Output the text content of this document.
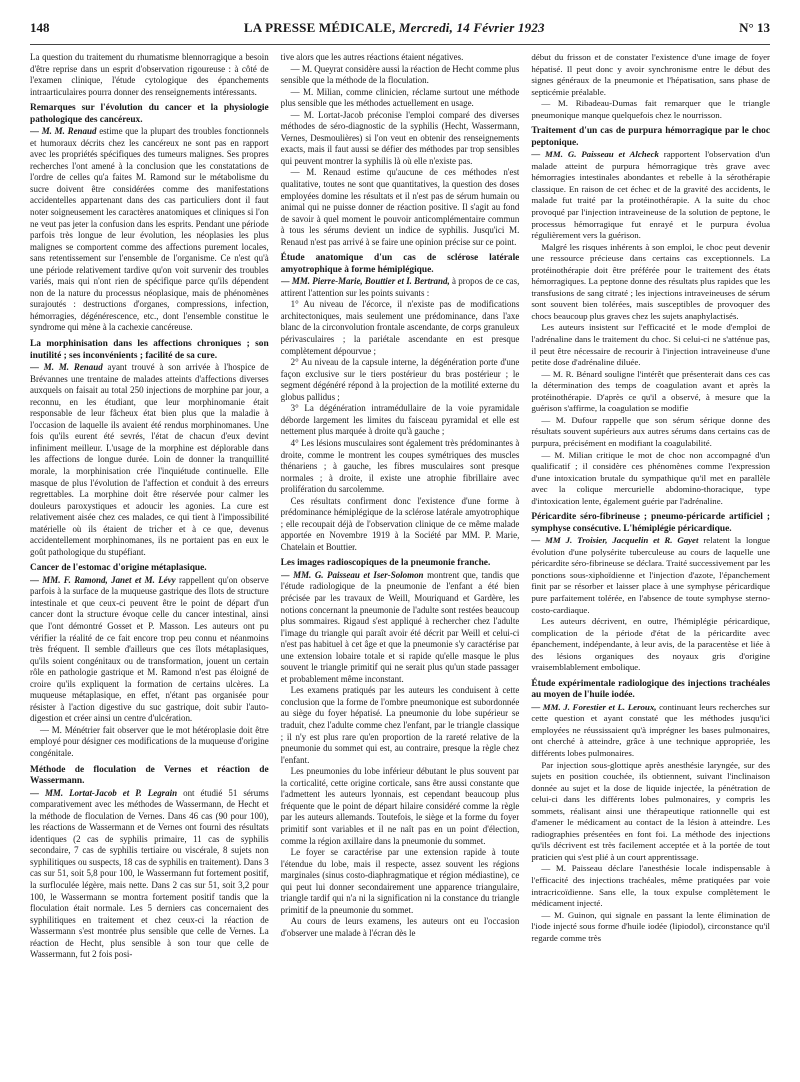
148	LA PRESSE MÉDICALE, Mercredi, 14 Février 1923	N° 13

La question du traitement du rhumatisme blennorragique a besoin d'être reprise dans un esprit d'observation rigoureuse : à côté de l'examen clinique, l'étude cytologique des épanchements intraarticulaires pourra donner des renseignements intéressants.

Remarques sur l'évolution du cancer et la physiologie pathologique des cancéreux.

— M. M. Renaud estime que la plupart des troubles fonctionnels et humoraux décrits chez les cancéreux ne sont pas en rapport avec les propriétés spécifiques des tumeurs malignes. Ses propres recherches l'ont amené à la conclusion que les constatations de l'ordre de celles qu'a faites M. Ramond sur le métabolisme du sucre doivent être considérées comme des manifestations accidentelles appartenant dans des cas particuliers dont il faut noter soigneusement les caractères anatomiques et cliniques si l'on ne veut pas jeter la confusion dans les esprits. Pendant une période parfois très longue de leur évolution, les néoplasies les plus malignes se comportent comme des affections purement locales, sans retentissement sur l'ensemble de l'organisme. Ce n'est qu'à une période relativement tardive qu'on voit survenir des troubles variés, mais qui n'ont rien de spécifique parce qu'ils dépendent non de la nature du processus néoplasique, mais de phénomènes surajoutés : destructions d'organes, compressions, infection, hémorragies, dégénérescence, etc., dont l'ensemble constitue le syndrome qui mène à la cachexie cancéreuse.

La morphinisation dans les affections chroniques ; son inutilité ; ses inconvénients ; facilité de sa cure.

— M. M. Renaud ayant trouvé à son arrivée à l'hospice de Brévannes une trentaine de malades atteints d'affections diverses auxquels on faisait au total 250 injections de morphine par jour, a reconnu, en les étudiant, que leur morphinomanie était responsable de leur fâcheux état bien plus que la maladie à l'occasion de laquelle ils avaient été rendus morphinomanes. Une fois qu'ils eurent été sevrés, l'état de chacun d'eux devint infiniment meilleur. L'usage de la morphine est déplorable dans les affections de longue durée. Loin de donner la tranquillité morale, la morphinisation crée l'inquiétude continuelle. Elle masque de plus l'évolution de l'affection et conduit à des erreurs regrettables. La morphine doit être réservée pour calmer les douleurs paroxystiques et adoucir les agonies. La cure est relativement aisée chez ces malades, ce qui tient à l'impossibilité matérielle où ils étaient de tricher et à ce que, devenus accidentellement morphinomanes, ils ne portaient pas en eux le goût pathologique du stupéfiant.

Cancer de l'estomac d'origine métaplasique.

— MM. F. Ramond, Janet et M. Lévy rappellent qu'on observe parfois à la surface de la muqueuse gastrique des îlots de structure intestinale et que ceux-ci peuvent être le point de départ d'un cancer dont la structure évoque celle du cancer intestinal, ainsi que l'ont démontré Gosset et P. Masson. Les auteurs ont pu vérifier la réalité de ce fait encore trop peu connu et néanmoins très fréquent. Il semble d'ailleurs que ces îlots métaplasiques, qu'ils soient congénitaux ou de transformation, jouent un certain rôle en pathologie gastrique et M. Ramond n'est pas éloigné de croire qu'ils expliquent la formation de certains ulcères. La muqueuse métaplasique, en effet, n'étant pas organisée pour résister à l'action digestive du suc gastrique, doit subir l'auto-digestion et créer ainsi un centre d'ulcération.

— M. Ménétrier fait observer que le mot hétéroplasie doit être employé pour désigner ces modifications de la muqueuse d'origine congénitale.

Méthode de floculation de Vernes et réaction de Wassermann.

— MM. Lortat-Jacob et P. Legrain ont étudié 51 sérums comparativement avec les méthodes de Wassermann, de Hecht et la méthode de floculation de Vernes. Dans 46 cas (90 pour 100), les réactions de Wassermann et de Vernes ont fourni des résultats identiques (2 cas de syphilis primaire, 11 cas de syphilis secondaire, 7 cas de syphilis tertiaire ou viscérale, 8 sujets non syphilitiques ou suspects, 18 cas de syphilis en traitement). Dans 3 cas sur 51, soit 5,8 pour 100, le Wassermann fut fortement positif, la surfloculée légère, mais nette. Dans 2 cas sur 51, soit 3,2 pour 100, le Wassermann se montra fortement positif tandis que la floculation était normale. Les 5 derniers cas concernaient des syphilitiques en traitement et chez ceux-ci la réaction de Wassermann s'est montrée plus sensible que celle de Vernes. La réaction de Hecht, plus sensible à son tour que celle de Wassermann, fut 2 fois posi-

tive alors que les autres réactions étaient négatives.

— M. Queyrat considère aussi la réaction de Hecht comme plus sensible que la méthode de la floculation.

— M. Milian, comme clinicien, réclame surtout une méthode plus sensible que les méthodes actuellement en usage.

— M. Lortat-Jacob préconise l'emploi comparé des diverses méthodes de séro-diagnostic de la syphilis (Hecht, Wassermann, Vernes, Desmoulières) si l'on veut en obtenir des renseignements exacts, mais il faut aussi se défier des méthodes par trop sensibles qui peuvent montrer la syphilis là où elle n'existe pas.

— M. Renaud estime qu'aucune de ces méthodes n'est qualitative, toutes ne sont que quantitatives, la question des doses employées domine les résultats et il n'est pas de sérum humain ou animal qui ne puisse donner de réaction positive. Il s'agit au fond de savoir à quel moment le pouvoir anticomplémentaire commun à tous les sérums devient un indice de syphilis. Jusqu'ici M. Renaud n'est pas arrivé à se faire une opinion précise sur ce point.

Étude anatomique d'un cas de sclérose latérale amyotrophique à forme hémiplégique.

— MM. Pierre-Marie, Bouttier et I. Bertrand, à propos de ce cas, attirent l'attention sur les points suivants :

1° Au niveau de l'écorce, il n'existe pas de modifications architectoniques, mais seulement une prédominance, dans l'axe blanc de la circonvolution frontale ascendante, de corps granuleux périvasculaires ; la pariétale ascendante en est presque complètement dépourvue ;

2° Au niveau de la capsule interne, la dégénération porte d'une façon exclusive sur le tiers postérieur du bras postérieur ; le segment dégénéré répond à la projection de la motilité externe du globus pallidus ;

3° La dégénération intramédullaire de la voie pyramidale déborde largement les limites du faisceau pyramidal et elle est nettement plus marquée à droite qu'à gauche ;

4° Les lésions musculaires sont également très prédominantes à droite, comme le montrent les coupes symétriques des muscles thénariens ; à gauche, les fibres musculaires sont presque normales ; à droite, il existe une atrophie fibrillaire avec prolifération du sarcolemme.

Ces résultats confirment donc l'existence d'une forme à prédominance hémiplégique de la sclérose latérale amyotrophique ; elle recoupait déjà de l'observation clinique de ce même malade apportée en Novembre 1919 à la Société par MM. P. Marie, Chatelain et Bouttier.

Les images radioscopiques de la pneumonie franche.

— MM. G. Paisseau et Iser-Solomon montrent que, tandis que l'étude radiologique de la pneumonie de l'enfant a été bien précisée par les travaux de Weill, Mouriquand et Gardère, les notions concernant la pneumonie de l'adulte sont restées beaucoup plus sommaires. Rigaud s'est appliqué à rechercher chez l'adulte l'image du triangle qui paraît avoir été décrit par Weill et celui-ci n'est pas habituel à cet âge et que la pneumonie s'y caractérise par une extension lobaire totale et si rapide qu'elle masque le plus souvent le triangle primitif qui ne serait plus qu'un stade passager et probablement même inconstant.

Les examens pratiqués par les auteurs les conduisent à cette conclusion que la forme de l'ombre pneumonique est subordonnée au siège du foyer hépatisé. La pneumonie du lobe supérieur se traduit, chez l'adulte comme chez l'enfant, par le triangle classique ; il n'y est plus rare qu'en proportion de la rareté relative de la pneumonie du sommet qui est, au contraire, presque la règle chez l'enfant.

Les pneumonies du lobe inférieur débutant le plus souvent par la corticalité, cette origine corticale, sans être aussi constante que l'admettent les auteurs lyonnais, est cependant beaucoup plus fréquente que le point de départ hilaire considéré comme la règle par les auteurs allemands. Toutefois, le siège et la forme du foyer primitif sont variables et il ne naît pas en un point d'élection, comme la région axillaire dans la pneumonie du sommet.

Le foyer se caractérise par une extension rapide à toute l'étendue du lobe, mais il respecte, assez souvent les régions marginales (sinus costo-diaphragmatique et région médiastine), ce qui peut lui donner secondairement une apparence triangulaire, triangle tardif qui n'a ni la signification ni la constance du triangle primitif de la pneumonie du sommet.

Au cours de leurs examens, les auteurs ont eu l'occasion d'observer une malade à l'écran dès le

début du frisson et de constater l'existence d'une image de foyer hépatisé. Il peut donc y avoir synchronisme entre le début des signes généraux de la pneumonie et l'hépatisation, sans phase de septicémie préalable.

— M. Ribadeau-Dumas fait remarquer que le triangle pneumonique manque quelquefois chez le nourrisson.

Traitement d'un cas de purpura hémorragique par le choc peptonique.

— MM. G. Paisseau et Alcheck rapportent l'observation d'un malade atteint de purpura hémorragique très grave avec hémorragies intestinales abondantes et rebelle à la sérothérapie classique. En raison de cet échec et de la gravité des accidents, le malade fut traité par la protéinothérapie. A la suite du choc provoqué par l'injection intraveineuse de la solution de peptone, le processus hémorragique fut enrayé et le purpura évolua régulièrement vers la guérison.

Malgré les risques inhérents à son emploi, le choc peut devenir une ressource précieuse dans certains cas exceptionnels. La protéinothérapie doit être préférée pour le traitement des états hémorragiques. La peptone donne des résultats plus rapides que les transfusions de sang citraté ; les injections intraveineuses de sérum sont souvent bien tolérées, mais susceptibles de provoquer des chocs beaucoup plus graves chez les sujets anaphylactisés.

Les auteurs insistent sur l'efficacité et le mode d'emploi de l'adrénaline dans le traitement du choc. Si celui-ci ne s'atténue pas, il peut être nécessaire de recourir à l'injection intraveineuse d'une petite dose d'adrénaline diluée.

— M. R. Bénard souligne l'intérêt que présenterait dans ces cas la détermination des temps de coagulation avant et après la protéinothérapie. D'après ce qu'il a observé, à mesure que la guérison s'affirme, la coagulation se modifie

— M. Dufour rappelle que son sérum sérique donne des résultats souvent supérieurs aux autres sérums dans certains cas de purpura, précisément en modifiant la coagulabilité.

— M. Milian critique le mot de choc non accompagné d'un qualificatif ; il considère ces phénomènes comme l'expression d'une intoxication brutale du sympathique qu'il met en parallèle avec la colique mercurielle abdomino-thoracique, type d'intoxication lente, également guérie par l'adrénaline.

Péricardite séro-fibrineuse ; pneumo-péricarde artificiel ; symphyse consécutive. L'hémiplégie péricardique.

— MM J. Troisier, Jacquelin et R. Gayet relatent la longue évolution d'une polysérite tuberculeuse au cours de laquelle une péricardite séro-fibrineuse se déclara. Traité successivement par les ponctions sous-xiphoïdienne et l'injection d'azote, l'épanchement finit par se résorber et laisser place à une symphyse péricardique pure parfaitement tolérée, en l'absence de toute symphyse sterno-costo-cardiaque.

Les auteurs décrivent, en outre, l'hémiplégie péricardique, complication de la période d'état de la péricardite avec épanchement, indépendante, à leur avis, de la paracentèse et liée à des lésions organiques des noyaux gris d'origine vraisemblablement embolique.

Étude expérimentale radiologique des injections trachéales au moyen de l'huile iodée.

— MM. J. Forestier et L. Leroux, continuant leurs recherches sur cette question et ayant constaté que les méthodes jusqu'ici employées ne réussissaient qu'à imprégner les bases pulmonaires, ont cherché à atteindre, grâce à une technique appropriée, les différents lobes pulmonaires.

Par injection sous-glottique après anesthésie laryngée, sur des sujets en position couchée, ils obtiennent, suivant l'inclinaison donnée au sujet et la dose de liquide injectée, la pénétration de celui-ci dans les différents lobes pulmonaires, y compris les sommets, réalisant ainsi une thérapeutique rationnelle qui est d'amener le médicament au contact de la lésion à atteindre. Les radiographies présentées en font foi. La méthode des injections qu'ils décrivent est très facilement acceptée et à la portée de tout praticien qui s'est plié à un court apprentissage.

— M. Paisseau déclare l'anesthésie locale indispensable à l'efficacité des injections trachéales, même pratiquées par voie intracricoïdienne. Sans elle, la toux expulse complètement le médicament injecté.

— M. Guinon, qui signale en passant la lente élimination de l'iode injecté sous forme d'huile iodée (lipiodol), circonstance qu'il regarde comme très
